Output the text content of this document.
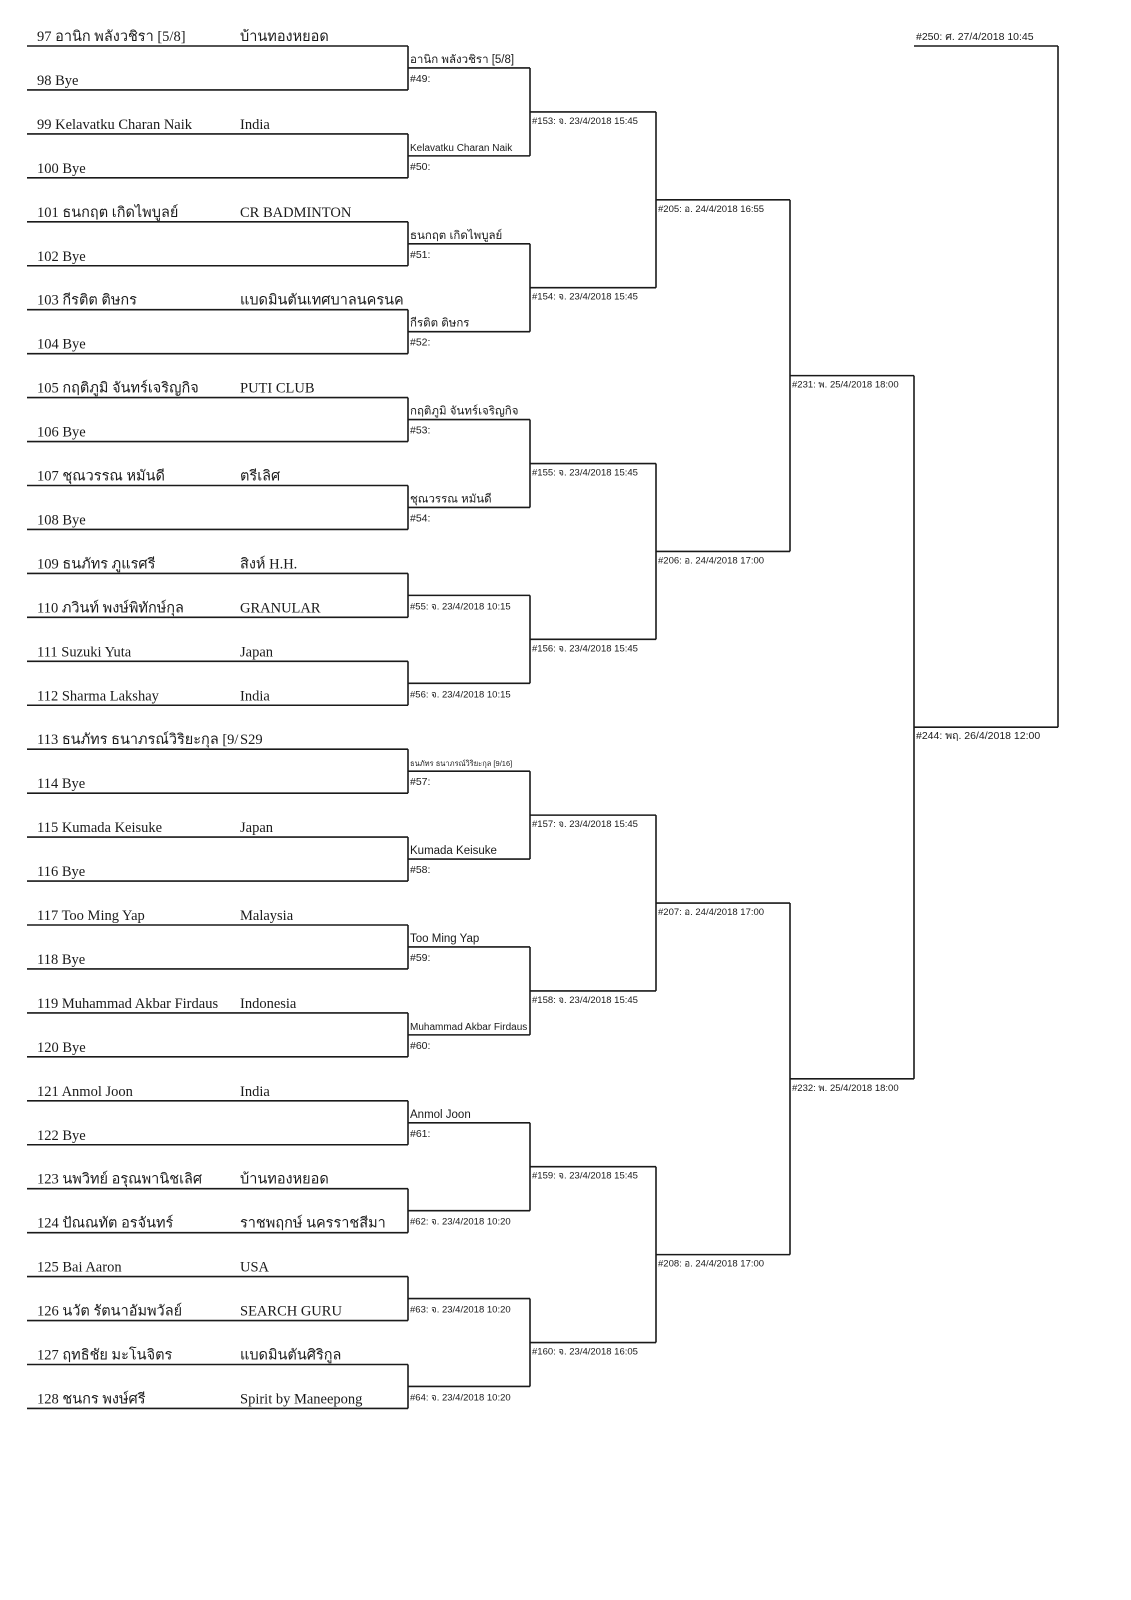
97 อานิก พลังวชิรา [5/8]	บ้านทองหยอด
98 Bye
99 Kelavatku Charan Naik	India
100 Bye
101 ธนกฤต เกิดไพบูลย์	CR BADMINTON
102 Bye
103 กีรติต ติษกร	แบดมินตันเทศบาลนครนค
104 Bye
105 กฤติภูมิ จันทร์เจริญกิจ	PUTI CLUB
106 Bye
107 ชุณวรรณ หมันดี	ตรีเลิศ
108 Bye
109 ธนภัทร ภูแรศรี	สิงห์ H.H.
110 ภวินท์ พงษ์พิทักษ์กุล	GRANULAR
111 Suzuki Yuta	Japan
112 Sharma Lakshay	India
113 ธนภัทร ธนาภรณ์วิริยะกุล [9/ S29
114 Bye
115 Kumada Keisuke	Japan
116 Bye
117 Too Ming Yap	Malaysia
118 Bye
119 Muhammad Akbar Firdaus Indonesia
120 Bye
121 Anmol Joon	India
122 Bye
123 นพวิทย์ อรุณพานิชเลิศ	บ้านทองหยอด
124 ปัณณทัต อรจันทร์	ราชพฤกษ์ นครราชสีมา
125 Bai Aaron	USA
126 นวัต รัตนาอัมพวัลย์	SEARCH GURU
127 ฤทธิชัย มะโนจิตร	แบดมินตันศิริกูล
128 ชนกร พงษ์ศรี	Spirit by Maneepong
อานิก พลังวชิรา [5/8]
#49:
Kelavatku Charan Naik
#50:
ธนกฤต เกิดไพบูลย์
#51:
กีรติต ติษกร
#52:
กฤติภูมิ จันทร์เจริญกิจ
#53:
ชุณวรรณ หมันดี
#54:
#55: จ. 23/4/2018 10:15
#56: จ. 23/4/2018 10:15
ธนภัทร ธนาภรณ์วิริยะกุล [9/16]
#57:
Kumada Keisuke
#58:
Too Ming Yap
#59:
Muhammad Akbar Firdaus
#60:
Anmol Joon
#61:
#62: จ. 23/4/2018 10:20
#63: จ. 23/4/2018 10:20
#64: จ. 23/4/2018 10:20
#153: จ. 23/4/2018 15:45
#154: จ. 23/4/2018 15:45
#155: จ. 23/4/2018 15:45
#156: จ. 23/4/2018 15:45
#157: จ. 23/4/2018 15:45
#158: จ. 23/4/2018 15:45
#159: จ. 23/4/2018 15:45
#160: จ. 23/4/2018 16:05
#205: อ. 24/4/2018 16:55
#206: อ. 24/4/2018 17:00
#207: อ. 24/4/2018 17:00
#208: อ. 24/4/2018 17:00
#231: พ. 25/4/2018 18:00
#232: พ. 25/4/2018 18:00
#244: พฤ. 26/4/2018 12:00
#250: ศ. 27/4/2018 10:45
